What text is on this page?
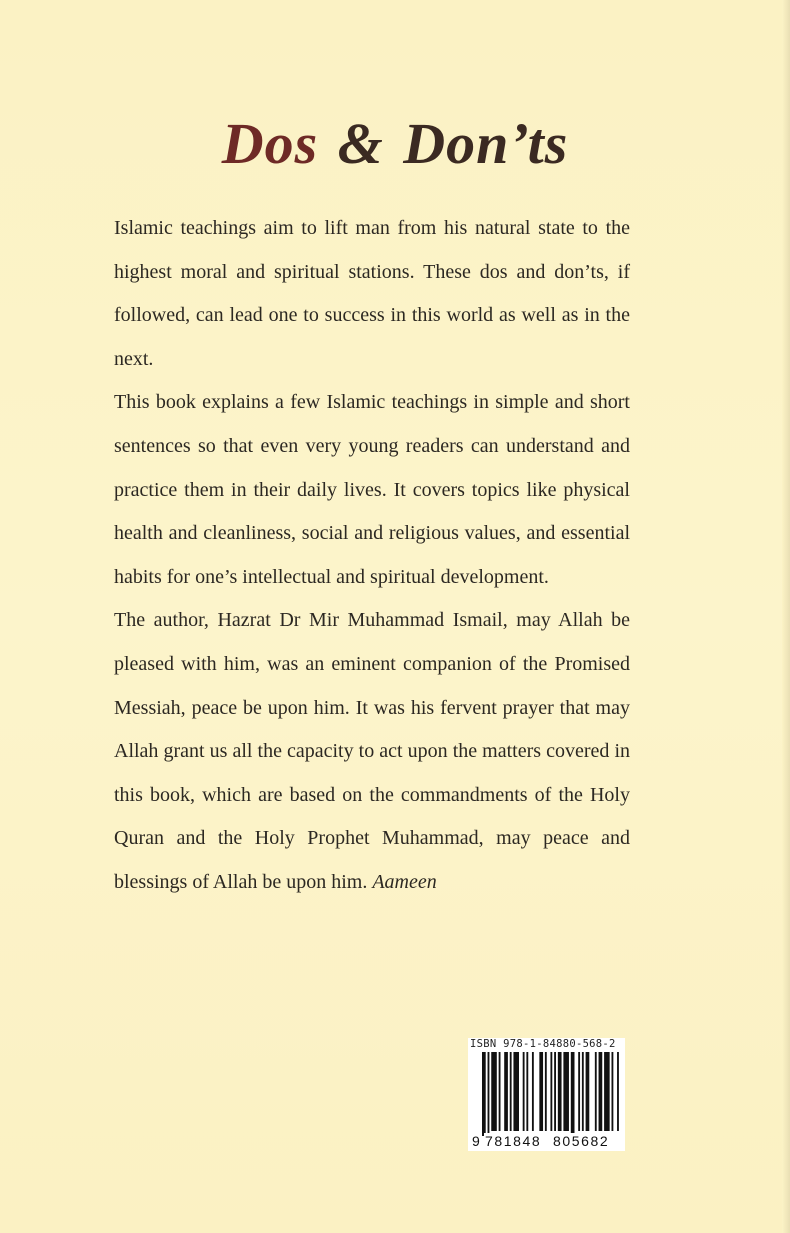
Dos & Don’ts

Islamic teachings aim to lift man from his natural state to the highest moral and spiritual stations. These dos and don’ts, if followed, can lead one to success in this world as well as in the next.

This book explains a few Islamic teachings in simple and short sentences so that even very young readers can understand and practice them in their daily lives. It covers topics like physical health and cleanliness, social and religious values, and essential habits for one’s intellectual and spiritual development.

The author, Hazrat Dr Mir Muhammad Ismail, may Allah be pleased with him, was an eminent companion of the Promised Messiah, peace be upon him. It was his fervent prayer that may Allah grant us all the capacity to act upon the matters covered in this book, which are based on the commandments of the Holy Quran and the Holy Prophet Muhammad, may peace and blessings of Allah be upon him. Aameen

ISBN 978-1-84880-568-2
9 781848 805682
